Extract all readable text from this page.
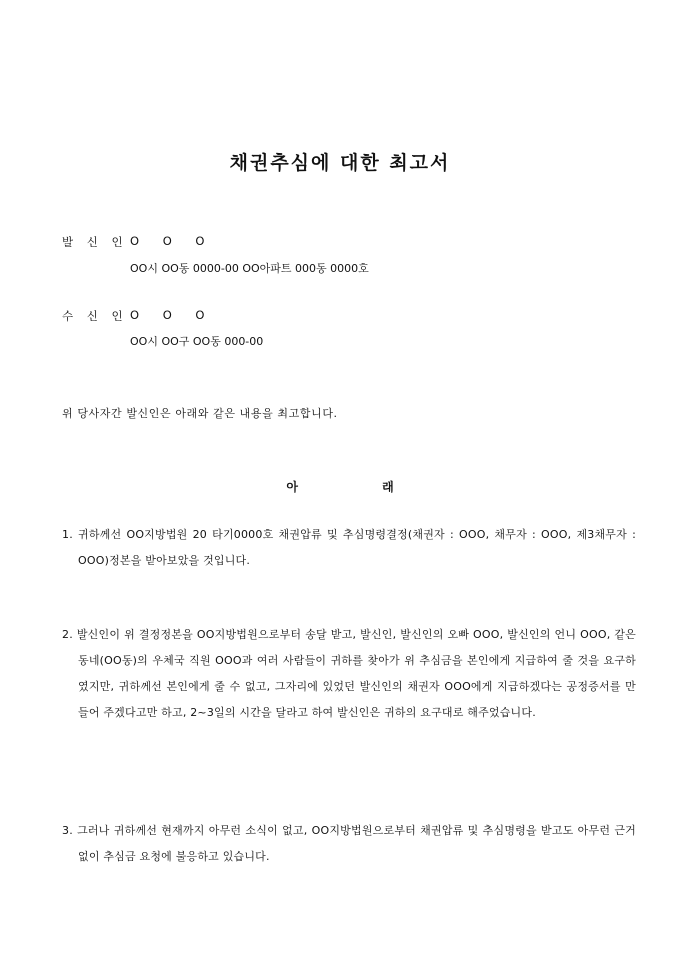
채권추심에 대한 최고서
발 신 인 O O O
OO시 OO동 0000-00 OO아파트 000동 0000호
수 신 인 O O O
OO시 OO구 OO동 000-00
위 당사자간 발신인은 아래와 같은 내용을 최고합니다.
아 래
1. 귀하께선 OO지방법원 20 타기0000호 채권압류 및 추심명령결정(채권자 : OOO, 채무자 : OOO, 제3채무자 : OOO)정본을 받아보았을 것입니다.
2. 발신인이 위 결정정본을 OO지방법원으로부터 송달 받고, 발신인, 발신인의 오빠 OOO, 발신인의 언니 OOO, 같은 동네(OO동)의 우체국 직원 OOO과 여러 사람들이 귀하를 찾아가 위 추심금을 본인에게 지급하여 줄 것을 요구하였지만, 귀하께선 본인에게 줄 수 없고, 그자리에 있었던 발신인의 채권자 OOO에게 지급하겠다는 공정증서를 만들어 주겠다고만 하고, 2~3일의 시간을 달라고 하여 발신인은 귀하의 요구대로 해주었습니다.
3. 그러나 귀하께선 현재까지 아무런 소식이 없고, OO지방법원으로부터 채권압류 및 추심명령을 받고도 아무런 근거 없이 추심금 요청에 불응하고 있습니다.
